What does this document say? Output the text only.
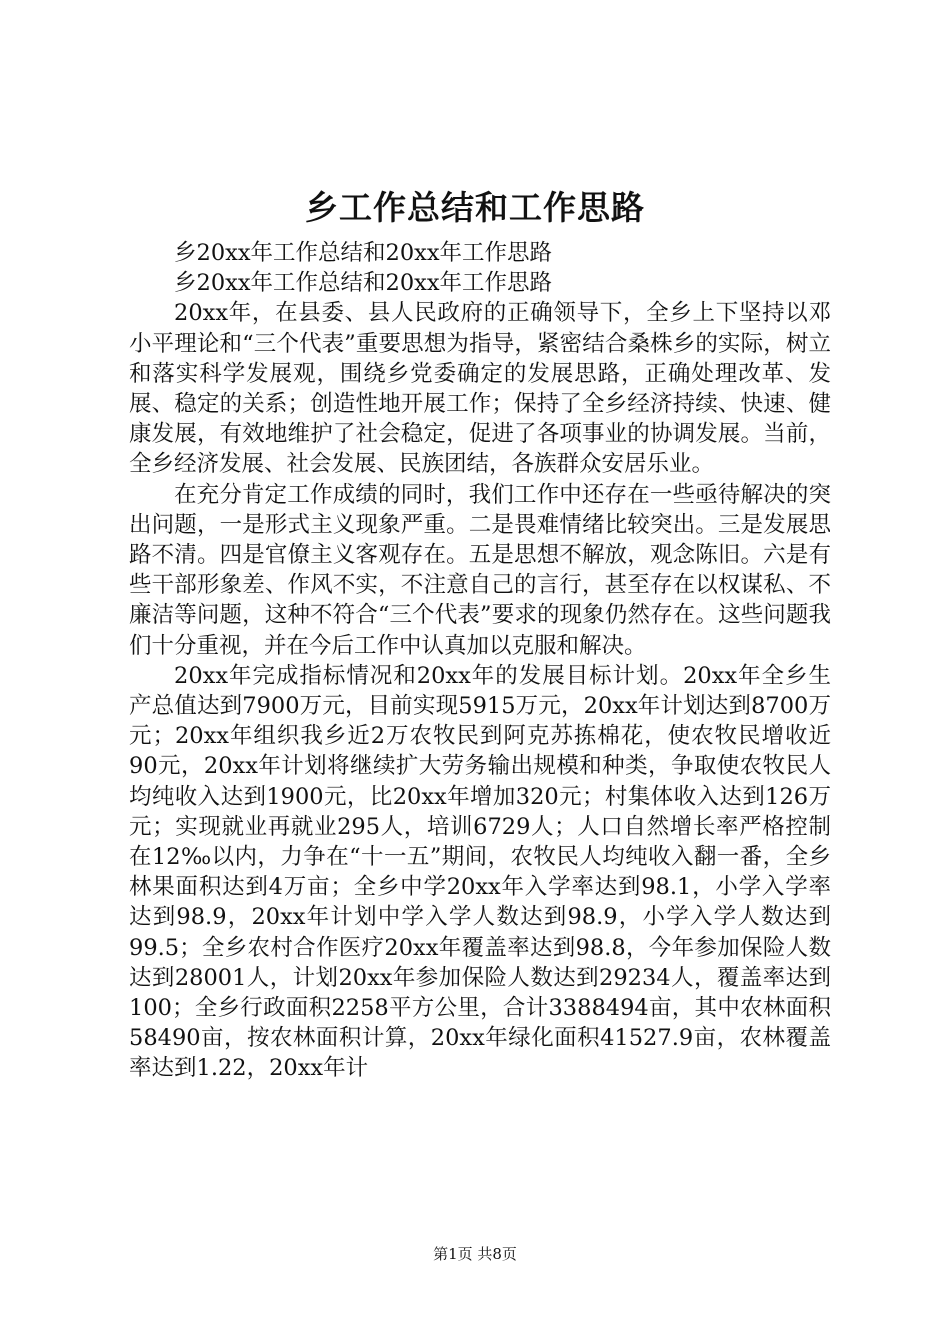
乡工作总结和工作思路

乡20xx年工作总结和20xx年工作思路

乡20xx年工作总结和20xx年工作思路

20xx年，在县委、县人民政府的正确领导下，全乡上下坚持以邓小平理论和“三个代表”重要思想为指导，紧密结合桑株乡的实际，树立和落实科学发展观，围绕乡党委确定的发展思路，正确处理改革、发展、稳定的关系；创造性地开展工作；保持了全乡经济持续、快速、健康发展，有效地维护了社会稳定，促进了各项事业的协调发展。当前，全乡经济发展、社会发展、民族团结，各族群众安居乐业。

在充分肯定工作成绩的同时，我们工作中还存在一些亟待解决的突出问题，一是形式主义现象严重。二是畏难情绪比较突出。三是发展思路不清。四是官僚主义客观存在。五是思想不解放，观念陈旧。六是有些干部形象差、作风不实，不注意自己的言行，甚至存在以权谋私、不廉洁等问题，这种不符合“三个代表”要求的现象仍然存在。这些问题我们十分重视，并在今后工作中认真加以克服和解决。

20xx年完成指标情况和20xx年的发展目标计划。20xx年全乡生产总值达到7900万元，目前实现5915万元，20xx年计划达到8700万元；20xx年组织我乡近2万农牧民到阿克苏拣棉花，使农牧民增收近90元，20xx年计划将继续扩大劳务输出规模和种类，争取使农牧民人均纯收入达到1900元，比20xx年增加320元；村集体收入达到126万元；实现就业再就业295人，培训6729人；人口自然增长率严格控制在12‰以内，力争在“十一五”期间，农牧民人均纯收入翻一番，全乡林果面积达到4万亩；全乡中学20xx年入学率达到98.1，小学入学率达到98.9，20xx年计划中学入学人数达到98.9，小学入学人数达到99.5；全乡农村合作医疗20xx年覆盖率达到98.8，今年参加保险人数达到28001人，计划20xx年参加保险人数达到29234人，覆盖率达到100；全乡行政面积2258平方公里，合计3388494亩，其中农林面积58490亩，按农林面积计算，20xx年绿化面积41527.9亩，农林覆盖率达到1.22，20xx年计

第1页 共8页
